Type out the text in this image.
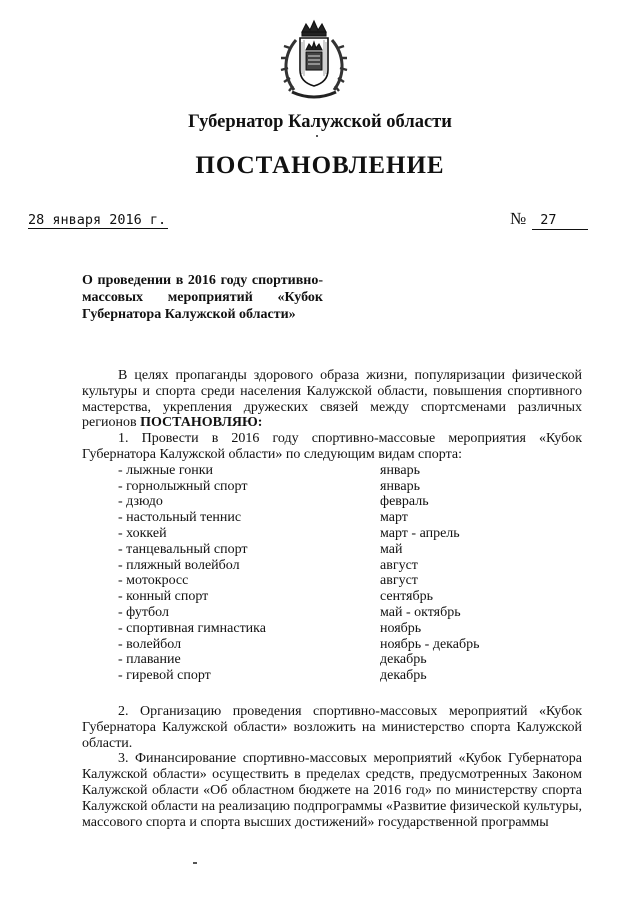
Губернатор Калужской области
ПОСТАНОВЛЕНИЕ
28 января 2016 г.	№ 27
О проведении в 2016 году спортивно-массовых мероприятий «Кубок Губернатора Калужской области»

В целях пропаганды здорового образа жизни, популяризации физической культуры и спорта среди населения Калужской области, повышения спортивного мастерства, укрепления дружеских связей между спортсменами различных регионов ПОСТАНОВЛЯЮ:

1. Провести в 2016 году спортивно-массовые мероприятия «Кубок Губернатора Калужской области» по следующим видам спорта:

- лыжные гонки	январь
- горнолыжный спорт	январь
- дзюдо	февраль
- настольный теннис	март
- хоккей	март - апрель
- танцевальный спорт	май
- пляжный волейбол	август
- мотокросс	август
- конный спорт	сентябрь
- футбол	май - октябрь
- спортивная гимнастика	ноябрь
- волейбол	ноябрь - декабрь
- плавание	декабрь
- гиревой спорт	декабрь

2. Организацию проведения спортивно-массовых мероприятий «Кубок Губернатора Калужской области» возложить на министерство спорта Калужской области.

3. Финансирование спортивно-массовых мероприятий «Кубок Губернатора Калужской области» осуществить в пределах средств, предусмотренных Законом Калужской области «Об областном бюджете на 2016 год» по министерству спорта Калужской области на реализацию подпрограммы «Развитие физической культуры, массового спорта и спорта высших достижений» государственной программы
